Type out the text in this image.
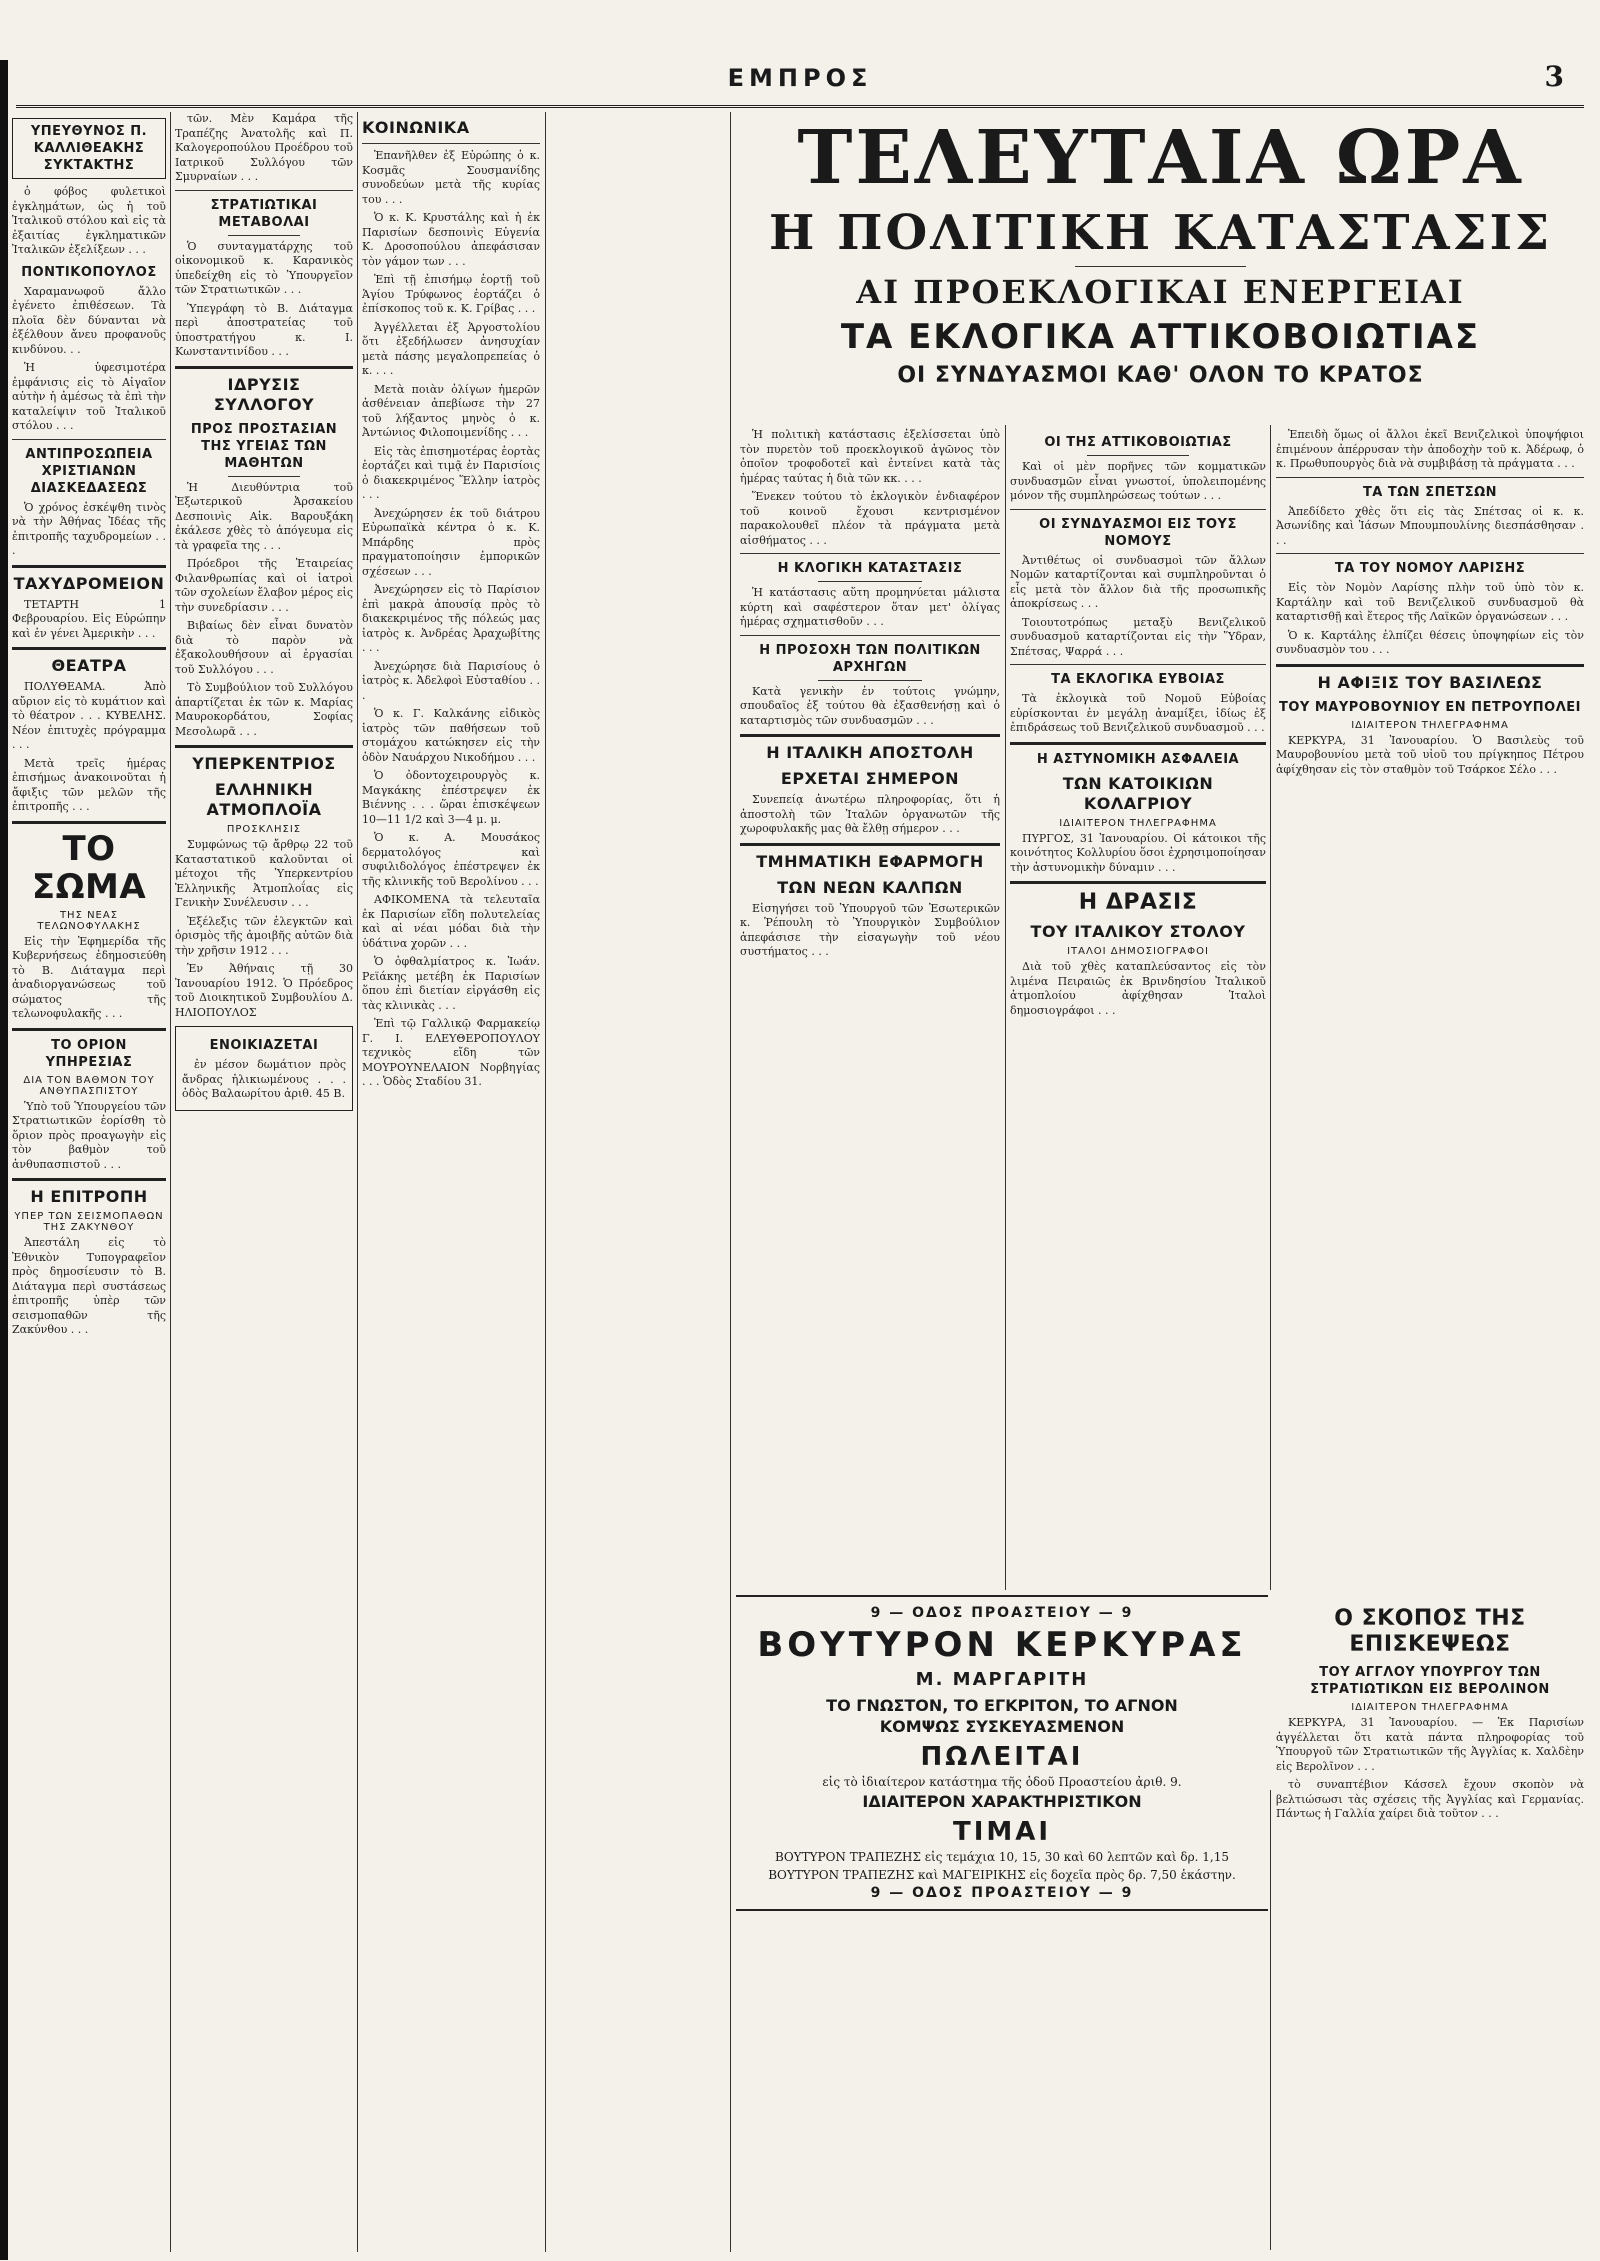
ΕΜΠΡΟΣ	3
ΥΠΕΥΘΥΝΟΣ Π. ΚΑΛΛΙΘΕΑΚΗΣ ΣΥΚΤΑΚΤΗΣ

ὁ φόβος φυλετικοὶ ἐγκλημάτων, ὡς ἡ τοῦ Ἰταλικοῦ στόλου καὶ εἰς τὰ ἐξαιτίας ἐγκληματικῶν Ἰταλικῶν ἐξελίξεων . . .

ΠΟΝΤΙΚΟΠΟΥΛΟΣ

Χαραμανωφοῦ ἄλλο ἐγένετο ἐπιθέσεων. Τὰ πλοῖα δὲν δύνανται νὰ ἐξέλθουν ἄνευ προφανοῦς κινδύνου. . .

Ἡ ὑφεσιμοτέρα ἐμφάνισις εἰς τὸ Αἰγαῖον αὐτὴν ἡ ἀμέσως τὰ ἐπὶ τὴν καταλείψιν τοῦ Ἰταλικοῦ στόλου . . .

ΑΝΤΙΠΡΟΣΩΠΕΙΑ ΧΡΙΣΤΙΑΝΩΝ ΔΙΑΣΚΕΔΑΣΕΩΣ

Ὁ χρόνος ἐσκέψθη τινὸς νὰ τὴν Ἀθήνας Ἰδέας τῆς ἐπιτροπῆς ταχυδρομείων . . .

ΤΑΧΥΔΡΟΜΕΙΟΝ

ΤΕΤΑΡΤΗ 1 Φεβρουαρίου. Εἰς Εὐρώπην καὶ ἐν γένει Ἀμερικὴν . . .

ΘΕΑΤΡΑ

ΠΟΛΥΘΕΑΜΑ. Ἀπὸ αὔριον εἰς τὸ κυμάτιον καὶ τὸ θέατρον . . . ΚΥΒΕΛΗΣ. Νέον ἐπιτυχὲς πρόγραμμα . . .

Μετὰ τρεῖς ἡμέρας ἐπισήμως ἀνακοινοῦται ἡ ἄφιξις τῶν μελῶν τῆς ἐπιτροπῆς . . .

ΤΟ ΣΩΜΑ
ΤΗΣ ΝΕΑΣ ΤΕΛΩΝΟΦΥΛΑΚΗΣ

Εἰς τὴν Ἐφημερίδα τῆς Κυβερνήσεως ἐδημοσιεύθη τὸ Β. Διάταγμα περὶ ἀναδιοργανώσεως τοῦ σώματος τῆς τελωνοφυλακῆς . . .

ΤΟ ΟΡΙΟΝ ΥΠΗΡΕΣΙΑΣ
ΔΙΑ ΤΟΝ ΒΑΘΜΟΝ ΤΟΥ ΑΝΘΥΠΑΣΠΙΣΤΟΥ

Ὑπὸ τοῦ Ὑπουργείου τῶν Στρατιωτικῶν ἐορίσθη τὸ ὅριον πρὸς προαγωγὴν εἰς τὸν βαθμὸν τοῦ ἀνθυπασπιστοῦ . . .

Η ΕΠΙΤΡΟΠΗ
ΥΠΕΡ ΤΩΝ ΣΕΙΣΜΟΠΑΘΩΝ ΤΗΣ ΖΑΚΥΝΘΟΥ

Ἀπεστάλη εἰς τὸ Ἐθνικὸν Τυπογραφεῖον πρὸς δημοσίευσιν τὸ Β. Διάταγμα περὶ συστάσεως ἐπιτροπῆς ὑπὲρ τῶν σεισμοπαθῶν τῆς Ζακύνθου . . .

τῶν. Μὲν Καμάρα τῆς Τραπέζης Ἀνατολῆς καὶ Π. Καλογεροπούλου Προέδρου τοῦ Ιατρικοῦ Συλλόγου τῶν Σμυρναίων . . .

ΣΤΡΑΤΙΩΤΙΚΑΙ ΜΕΤΑΒΟΛΑΙ

Ὁ συνταγματάρχης τοῦ οἰκονομικοῦ κ. Καρανικὸς ὑπεδείχθη εἰς τὸ Ὑπουργεῖον τῶν Στρατιωτικῶν . . .

Ὑπεγράφη τὸ Β. Διάταγμα περὶ ἀποστρατείας τοῦ ὑποστρατήγου κ. Ι. Κωνσταντινίδου . . .

ΙΔΡΥΣΙΣ ΣΥΛΛΟΓΟΥ
ΠΡΟΣ ΠΡΟΣΤΑΣΙΑΝ ΤΗΣ ΥΓΕΙΑΣ ΤΩΝ ΜΑΘΗΤΩΝ

Ἡ Διευθύντρια τοῦ Ἐξωτερικοῦ Ἀρσακείου Δεσποινὶς Αἰκ. Βαρουξάκη ἐκάλεσε χθὲς τὸ ἀπόγευμα εἰς τὰ γραφεῖα της . . .

Πρόεδροι τῆς Ἑταιρείας Φιλανθρωπίας καὶ οἱ ἰατροὶ τῶν σχολείων ἔλαβον μέρος εἰς τὴν συνεδρίασιν . . .

Βιβαίως δὲν εἶναι δυνατὸν διὰ τὸ παρὸν νὰ ἐξακολουθήσουν αἱ ἐργασίαι τοῦ Συλλόγου . . .

Τὸ Συμβούλιον τοῦ Συλλόγου ἀπαρτίζεται ἐκ τῶν κ. Μαρίας Μαυροκορδάτου, Σοφίας Μεσολωρᾶ . . .

ΥΠΕΡΚΕΝΤΡΙΟΣ
ΕΛΛΗΝΙΚΗ ΑΤΜΟΠΛΟΪΑ
ΠΡΟΣΚΛΗΣΙΣ

Συμφώνως τῷ ἄρθρῳ 22 τοῦ Καταστατικοῦ καλοῦνται οἱ μέτοχοι τῆς Ὑπερκεντρίου Ἑλληνικῆς Ἀτμοπλοΐας εἰς Γενικὴν Συνέλευσιν . . .

Ἐξέλεξις τῶν ἐλεγκτῶν καὶ ὁρισμὸς τῆς ἀμοιβῆς αὐτῶν διὰ τὴν χρῆσιν 1912 . . .

Ἐν Ἀθήναις τῇ 30 Ἰανουαρίου 1912. Ὁ Πρόεδρος τοῦ Διοικητικοῦ Συμβουλίου Δ. ΗΛΙΟΠΟΥΛΟΣ

ΕΝΟΙΚΙΑΖΕΤΑΙ

ἐν μέσον δωμάτιον πρὸς ἄνδρας ἡλικιωμένους . . . ὁδὸς Βαλαωρίτου ἀριθ. 45 Β.

ΚΟΙΝΩΝΙΚΑ

Ἐπανῆλθεν ἐξ Εὐρώπης ὁ κ. Κοσμᾶς Σουσμανίδης συνοδεύων μετὰ τῆς κυρίας του . . .

Ὁ κ. Κ. Κρυστάλης καὶ ἡ ἐκ Παρισίων δεσποινὶς Εὐγενία Κ. Δροσοπούλου ἀπεφάσισαν τὸν γάμον των . . .

Ἐπὶ τῇ ἐπισήμῳ ἑορτῇ τοῦ Ἁγίου Τρύφωνος ἐορτάζει ὁ ἐπίσκοπος τοῦ κ. Κ. Γρίβας . . .

Ἀγγέλλεται ἐξ Ἀργοστολίου ὅτι ἐξεδήλωσεν ἀνησυχίαν μετὰ πάσης μεγαλοπρεπείας ὁ κ. . . .

Μετὰ ποιὰν ὀλίγων ἡμερῶν ἀσθένειαν ἀπεβίωσε τὴν 27 τοῦ λήξαντος μηνὸς ὁ κ. Ἀντώνιος Φιλοποιμενίδης . . .

Εἰς τὰς ἐπισημοτέρας ἑορτὰς ἑορτάζει καὶ τιμᾷ ἐν Παρισίοις ὁ διακεκριμένος Ἕλλην ἰατρὸς . . .

Ἀνεχώρησεν ἐκ τοῦ διάτρου Εὐρωπαϊκὰ κέντρα ὁ κ. Κ. Μπάρδης πρὸς πραγματοποίησιν ἐμπορικῶν σχέσεων . . .

Ἀνεχώρησεν εἰς τὸ Παρίσιον ἐπὶ μακρὰ ἀπουσίᾳ πρὸς τὸ διακεκριμένος τῆς πόλεώς μας ἰατρὸς κ. Ἀνδρέας Ἀραχωβίτης . . .

Ἀνεχώρησε διὰ Παρισίους ὁ ἰατρὸς κ. Ἀδελφοὶ Εὐσταθίου . . .

Ὁ κ. Γ. Καλκάνης εἰδικὸς ἰατρὸς τῶν παθήσεων τοῦ στομάχου κατώκησεν εἰς τὴν ὁδὸν Ναυάρχου Νικοδήμου . . .

Ὁ ὀδοντοχειρουργὸς κ. Μαγκάκης ἐπέστρεψεν ἐκ Βιέννης . . . ὥραι ἐπισκέψεων 10—11 1/2 καὶ 3—4 μ. μ.

Ὁ κ. Α. Μουσάκος δερματολόγος καὶ συφιλιδολόγος ἐπέστρεψεν ἐκ τῆς κλινικῆς τοῦ Βερολίνου . . .

ΑΦΙΚΟΜΕΝΑ τὰ τελευταῖα ἐκ Παρισίων εἴδη πολυτελείας καὶ αἱ νέαι μόδαι διὰ τὴν ὑδάτινα χορῶν . . .

Ὁ ὀφθαλμίατρος κ. Ἰωάν. Ρεϊάκης μετέβη ἐκ Παρισίων ὅπου ἐπὶ διετίαν εἰργάσθη εἰς τὰς κλινικὰς . . .

Ἐπὶ τῷ Γαλλικῷ Φαρμακείῳ Γ. Ι. ΕΛΕΥΘΕΡΟΠΟΥΛΟΥ τεχνικὸς εἴδη τῶν ΜΟΥΡΟΥΝΕΛΑΙΟΝ Νορβηγίας . . . Ὁδὸς Σταδίου 31.

ΤΕΛΕΥΤΑΙΑ ΩΡΑ
Η ΠΟΛΙΤΙΚΗ ΚΑΤΑΣΤΑΣΙΣ
ΑΙ ΠΡΟΕΚΛΟΓΙΚΑΙ ΕΝΕΡΓΕΙΑΙ
ΤΑ ΕΚΛΟΓΙΚΑ ΑΤΤΙΚΟΒΟΙΩΤΙΑΣ
ΟΙ ΣΥΝΔΥΑΣΜΟΙ ΚΑΘ' ΟΛΟΝ ΤΟ ΚΡΑΤΟΣ

Ἡ πολιτικὴ κατάστασις ἐξελίσσεται ὑπὸ τὸν πυρετὸν τοῦ προεκλογικοῦ ἀγῶνος τὸν ὁποῖον τροφοδοτεῖ καὶ ἐντείνει κατὰ τὰς ἡμέρας ταύτας ἡ διὰ τῶν κκ. . . .

Ἕνεκεν τούτου τὸ ἐκλογικὸν ἐνδιαφέρον τοῦ κοινοῦ ἔχουσι κεντρισμένον παρακολουθεῖ πλέον τὰ πράγματα μετὰ αἰσθήματος . . .

Η ΚΛΟΓΙΚΗ ΚΑΤΑΣΤΑΣΙΣ

Ἡ κατάστασις αὕτη προμηνύεται μάλιστα κύρτη καὶ σαφέστερον ὅταν μετ' ὀλίγας ἡμέρας σχηματισθοῦν . . .

Η ΠΡΟΣΟΧΗ ΤΩΝ ΠΟΛΙΤΙΚΩΝ ΑΡΧΗΓΩΝ

Κατὰ γενικὴν ἐν τούτοις γνώμην, σπουδαῖος ἐξ τούτου θὰ ἐξασθενήσῃ καὶ ὁ καταρτισμὸς τῶν συνδυασμῶν . . .

Η ΙΤΑΛΙΚΗ ΑΠΟΣΤΟΛΗ
ΕΡΧΕΤΑΙ ΣΗΜΕΡΟΝ

Συνεπείᾳ ἀνωτέρω πληροφορίας, ὅτι ἡ ἀποστολὴ τῶν Ἰταλῶν ὀργανωτῶν τῆς χωροφυλακῆς μας θὰ ἔλθῃ σήμερον . . .

ΤΜΗΜΑΤΙΚΗ ΕΦΑΡΜΟΓΗ
ΤΩΝ ΝΕΩΝ ΚΑΛΠΩΝ

Εἰσηγήσει τοῦ Ὑπουργοῦ τῶν Ἐσωτερικῶν κ. Ῥέπουλη τὸ Ὑπουργικὸν Συμβούλιον ἀπεφάσισε τὴν εἰσαγωγὴν τοῦ νέου συστήματος . . .

ΟΙ ΤΗΣ ΑΤΤΙΚΟΒΟΙΩΤΙΑΣ

Καὶ οἱ μὲν πορῆνες τῶν κομματικῶν συνδυασμῶν εἶναι γνωστοί, ὑπολειπομένης μόνον τῆς συμπληρώσεως τούτων . . .

ΟΙ ΣΥΝΔΥΑΣΜΟΙ ΕΙΣ ΤΟΥΣ ΝΟΜΟΥΣ

Ἀντιθέτως οἱ συνδυασμοὶ τῶν ἄλλων Νομῶν καταρτίζονται καὶ συμπληροῦνται ὁ εἷς μετὰ τὸν ἄλλον διὰ τῆς προσωπικῆς ἀποκρίσεως . . .

Τοιουτοτρόπως μεταξὺ Βενιζελικοῦ συνδυασμοῦ καταρτίζονται εἰς τὴν Ὕδραν, Σπέτσας, Ψαρρά . . .

ΤΑ ΕΚΛΟΓΙΚΑ ΕΥΒΟΙΑΣ

Τὰ ἐκλογικὰ τοῦ Νομοῦ Εὐβοίας εὑρίσκονται ἐν μεγάλῃ ἀναμίξει, ἰδίως ἐξ ἐπιδράσεως τοῦ Βενιζελικοῦ συνδυασμοῦ . . .

Η ΑΣΤΥΝΟΜΙΚΗ ΑΣΦΑΛΕΙΑ
ΤΩΝ ΚΑΤΟΙΚΙΩΝ ΚΟΛΑΓΡΙΟΥ
ΙΔΙΑΙΤΕΡΟΝ ΤΗΛΕΓΡΑΦΗΜΑ

ΠΥΡΓΟΣ, 31 Ἰανουαρίου. Οἱ κάτοικοι τῆς κοινότητος Κολλυρίου ὅσοι ἐχρησιμοποίησαν τὴν ἀστυνομικὴν δύναμιν . . .

Η ΔΡΑΣΙΣ
ΤΟΥ ΙΤΑΛΙΚΟΥ ΣΤΟΛΟΥ
ΙΤΑΛΟΙ ΔΗΜΟΣΙΟΓΡΑΦΟΙ

Διὰ τοῦ χθὲς καταπλεύσαντος εἰς τὸν λιμένα Πειραιῶς ἐκ Βρινδησίου Ἰταλικοῦ ἀτμοπλοίου ἀφίχθησαν Ἰταλοὶ δημοσιογράφοι . . .

Ἐπειδὴ ὅμως οἱ ἄλλοι ἐκεῖ Βενιζελικοὶ ὑποψήφιοι ἐπιμένουν ἀπέρρυσαν τὴν ἀποδοχὴν τοῦ κ. Ἀδέρωφ, ὁ κ. Πρωθυπουργὸς διὰ νὰ συμβιβάσῃ τὰ πράγματα . . .

ΤΑ ΤΩΝ ΣΠΕΤΣΩΝ

Ἀπεδίδετο χθὲς ὅτι εἰς τὰς Σπέτσας οἱ κ. κ. Ἀσωνίδης καὶ Ἰάσων Μπουμπουλίνης διεσπάσθησαν . . .

ΤΑ ΤΟΥ ΝΟΜΟΥ ΛΑΡΙΣΗΣ

Εἰς τὸν Νομὸν Λαρίσης πλὴν τοῦ ὑπὸ τὸν κ. Καρτάλην καὶ τοῦ Βενιζελικοῦ συνδυασμοῦ θὰ καταρτισθῇ καὶ ἕτερος τῆς Λαϊκῶν ὀργανώσεων . . .

Ὁ κ. Καρτάλης ἐλπίζει θέσεις ὑποψηφίων εἰς τὸν συνδυασμὸν του . . .

Η ΑΦΙΞΙΣ ΤΟΥ ΒΑΣΙΛΕΩΣ
ΤΟΥ ΜΑΥΡΟΒΟΥΝΙΟΥ ΕΝ ΠΕΤΡΟΥΠΟΛΕΙ
ΙΔΙΑΙΤΕΡΟΝ ΤΗΛΕΓΡΑΦΗΜΑ

ΚΕΡΚΥΡΑ, 31 Ἰανουαρίου. Ὁ Βασιλεὺς τοῦ Μαυροβουνίου μετὰ τοῦ υἱοῦ του πρίγκηπος Πέτρου ἀφίχθησαν εἰς τὸν σταθμὸν τοῦ Τσάρκοε Σέλο . . .

9 — ΟΔΟΣ ΠΡΟΑΣΤΕΙΟΥ — 9
ΒΟΥΤΥΡΟΝ ΚΕΡΚΥΡΑΣ
Μ. ΜΑΡΓΑΡΙΤΗ
ΤΟ ΓΝΩΣΤΟΝ, ΤΟ ΕΓΚΡΙΤΟΝ, ΤΟ ΑΓΝΟΝ
ΚΟΜΨΩΣ ΣΥΣΚΕΥΑΣΜΕΝΟΝ
ΠΩΛΕΙΤΑΙ
εἰς τὸ ἰδιαίτερον κατάστημα τῆς ὁδοῦ Προαστείου ἀριθ. 9.
ΙΔΙΑΙΤΕΡΟΝ ΧΑΡΑΚΤΗΡΙΣΤΙΚΟΝ
ΤΙΜΑΙ
ΒΟΥΤΥΡΟΝ ΤΡΑΠΕΖΗΣ εἰς τεμάχια 10, 15, 30 καὶ 60 λεπτῶν καὶ δρ. 1,15
ΒΟΥΤΥΡΟΝ ΤΡΑΠΕΖΗΣ καὶ ΜΑΓΕΙΡΙΚΗΣ εἰς δοχεῖα πρὸς δρ. 7,50 ἑκάστην.
9 — ΟΔΟΣ ΠΡΟΑΣΤΕΙΟΥ — 9
Ο ΣΚΟΠΟΣ ΤΗΣ ΕΠΙΣΚΕΨΕΩΣ
ΤΟΥ ΑΓΓΛΟΥ ΥΠΟΥΡΓΟΥ ΤΩΝ ΣΤΡΑΤΙΩΤΙΚΩΝ ΕΙΣ ΒΕΡΟΛΙΝΟΝ
ΙΔΙΑΙΤΕΡΟΝ ΤΗΛΕΓΡΑΦΗΜΑ

ΚΕΡΚΥΡΑ, 31 Ἰανουαρίου. — Ἐκ Παρισίων ἀγγέλλεται ὅτι κατὰ πάντα πληροφορίας τοῦ Ὑπουργοῦ τῶν Στρατιωτικῶν τῆς Ἀγγλίας κ. Χαλδὲην εἰς Βερολῖνον . . .

τὸ συναπτέβιον Κάσσελ ἔχουν σκοπὸν νὰ βελτιώσωσι τὰς σχέσεις τῆς Ἀγγλίας καὶ Γερμανίας. Πάντως ἡ Γαλλία χαίρει διὰ τοῦτον . . .
